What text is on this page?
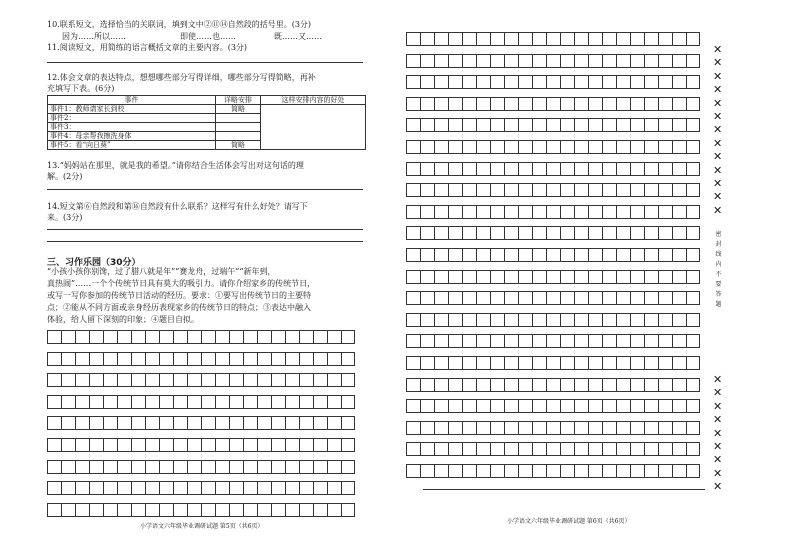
10.联系短文，选择恰当的关联词，填到文中②⑪⑭自然段的括号里。(3分)
因为……所以……	即使……也……	既……又……
11.阅读短文，用简练的语言概括文章的主要内容。(3分)
12.体会文章的表达特点，想想哪些部分写得详细，哪些部分写得简略，再补
充填写下表。(6分)
事件	详略安排	这样安排内容的好处
事件1：教师请家长到校	简略	
事件2：		
事件3：		
事件4：母亲帮我擦洗身体		
事件5：看“向日葵”	简略	
13.“妈妈站在那里，就是我的希望。”请你结合生活体会写出对这句话的理
解。(2分)
14.短文第⑥自然段和第⑯自然段有什么联系？这样写有什么好处？请写下
来。(3分)
三、习作乐园（30分）
“小孩小孩你别馋，过了腊八就是年”“赛龙舟，过端午”“新年到，
真热闹”……一个个传统节日具有莫大的吸引力。请你介绍家乡的传统节日，
或写一写你参加的传统节日活动的经历。要求：①要写出传统节日的主要特
点；②能从不同方面或亲身经历表现家乡的传统节日的特点；③表达中融入
体验，给人留下深刻的印象；④题目自拟。
小学语文六年级毕业调研试题 第5页（共6页）
✕
✕
✕
✕
✕
✕
✕
✕
✕
✕
✕
✕
✕
✕
✕
✕
✕
✕
✕
✕
✕
✕
密 封 线 内 不 要 答 题
小学语文六年级毕业调研试题 第6页（共6页）
